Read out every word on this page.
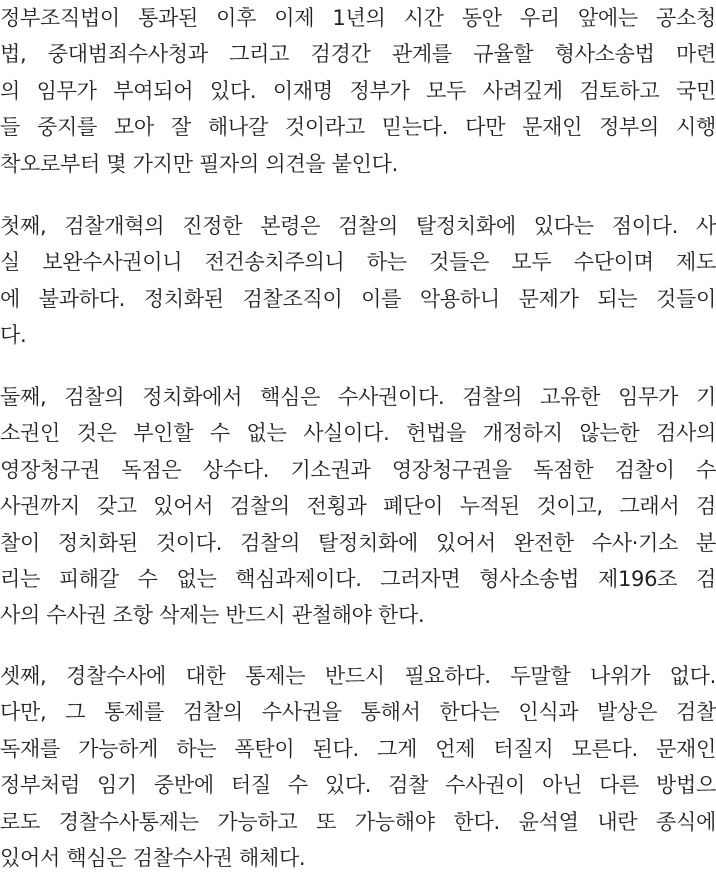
정부조직법이 통과된 이후 이제 1년의 시간 동안 우리 앞에는 공소청
법, 중대범죄수사청과 그리고 검경간 관계를 규율할 형사소송법 마련
의 임무가 부여되어 있다. 이재명 정부가 모두 사려깊게 검토하고 국민
들 중지를 모아 잘 해나갈 것이라고 믿는다. 다만 문재인 정부의 시행
착오로부터 몇 가지만 필자의 의견을 붙인다.
첫째, 검찰개혁의 진정한 본령은 검찰의 탈정치화에 있다는 점이다. 사
실 보완수사권이니 전건송치주의니 하는 것들은 모두 수단이며 제도
에 불과하다. 정치화된 검찰조직이 이를 악용하니 문제가 되는 것들이
다.
둘째, 검찰의 정치화에서 핵심은 수사권이다. 검찰의 고유한 임무가 기
소권인 것은 부인할 수 없는 사실이다. 헌법을 개정하지 않는한 검사의
영장청구권 독점은 상수다. 기소권과 영장청구권을 독점한 검찰이 수
사권까지 갖고 있어서 검찰의 전횡과 폐단이 누적된 것이고, 그래서 검
찰이 정치화된 것이다. 검찰의 탈정치화에 있어서 완전한 수사·기소 분
리는 피해갈 수 없는 핵심과제이다. 그러자면 형사소송법 제196조 검
사의 수사권 조항 삭제는 반드시 관철해야 한다.
셋째, 경찰수사에 대한 통제는 반드시 필요하다. 두말할 나위가 없다.
다만, 그 통제를 검찰의 수사권을 통해서 한다는 인식과 발상은 검찰
독재를 가능하게 하는 폭탄이 된다. 그게 언제 터질지 모른다. 문재인
정부처럼 임기 중반에 터질 수 있다. 검찰 수사권이 아닌 다른 방법으
로도 경찰수사통제는 가능하고 또 가능해야 한다. 윤석열 내란 종식에
있어서 핵심은 검찰수사권 해체다.
